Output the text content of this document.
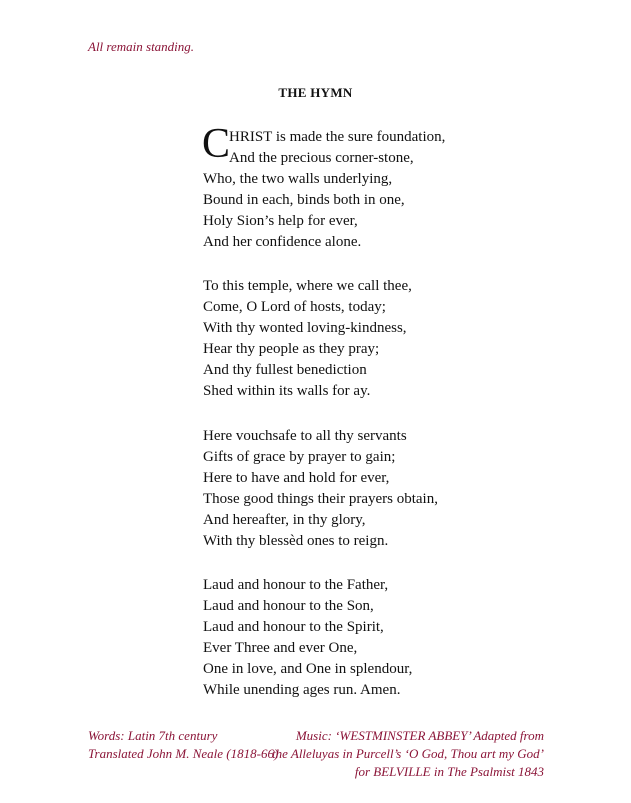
All remain standing.
THE HYMN
C
HRIST is made the sure foundation,
And the precious corner-stone,
Who, the two walls underlying,
Bound in each, binds both in one,
Holy Sion’s help for ever,
And her confidence alone.
To this temple, where we call thee,
Come, O Lord of hosts, today;
With thy wonted loving-kindness,
Hear thy people as they pray;
And thy fullest benediction
Shed within its walls for ay.
Here vouchsafe to all thy servants
Gifts of grace by prayer to gain;
Here to have and hold for ever,
Those good things their prayers obtain,
And hereafter, in thy glory,
With thy blessèd ones to reign.
Laud and honour to the Father,
Laud and honour to the Son,
Laud and honour to the Spirit,
Ever Three and ever One,
One in love, and One in splendour,
While unending ages run. Amen.
Words: Latin 7th century
Translated John M. Neale (1818-66)
Music: ‘WESTMINSTER ABBEY’ Adapted from
the Alleluyas in Purcell’s ‘O God, Thou art my God’
for BELVILLE in The Psalmist 1843
